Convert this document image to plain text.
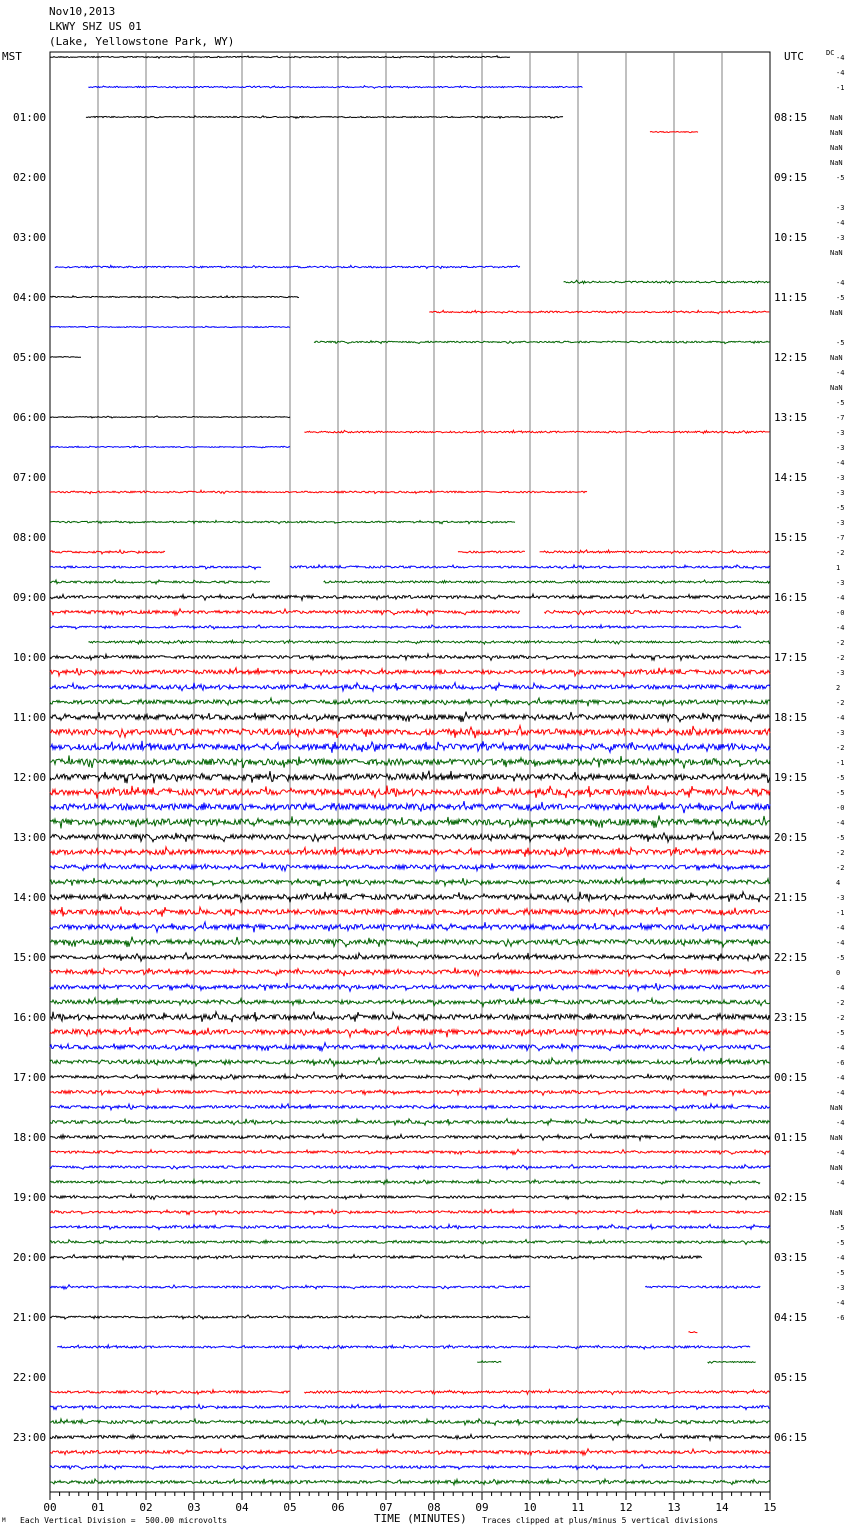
Nov10,2013
LKWY SHZ US 01
(Lake, Yellowstone Park, WY)
MST	UTC	DC
00	01	02	03	04	05	06	07	08	09	10	11	12	13	14	15
01:00
02:00
03:00
04:00
05:00
06:00
07:00
08:00
09:00
10:00
11:00
12:00
13:00
14:00
15:00
16:00
17:00
18:00
19:00
20:00
21:00
22:00
23:00
08:15
09:15
10:15
11:15
12:15
13:15
14:15
15:15
16:15
17:15
18:15
19:15
20:15
21:15
22:15
23:15
00:15
01:15
02:15
03:15
04:15
05:15
06:15
-4
-4
-1
NaN
NaN
NaN
NaN
-5
-3
-4
-3
NaN
-4
-5
NaN
-5
NaN
-4
NaN
-5
-7
-3
-3
-4
-3
-3
-5
-3
-7
-2
1
-3
-4
-0
-4
-2
-2
-3
2
-2
-4
-3
-2
-1
-5
-5
-0
-4
-5
-2
-2
4
-3
-1
-4
-4
-5
0
-4
-2
-2
-5
-4
-6
-4
-4
NaN
-4
NaN
-4
NaN
-4
NaN
-5
-5
-4
-5
-3
-4
-6
M Each Vertical Division =  500.00 microvolts	TIME (MINUTES) Traces clipped at plus/minus 5 vertical divisions
